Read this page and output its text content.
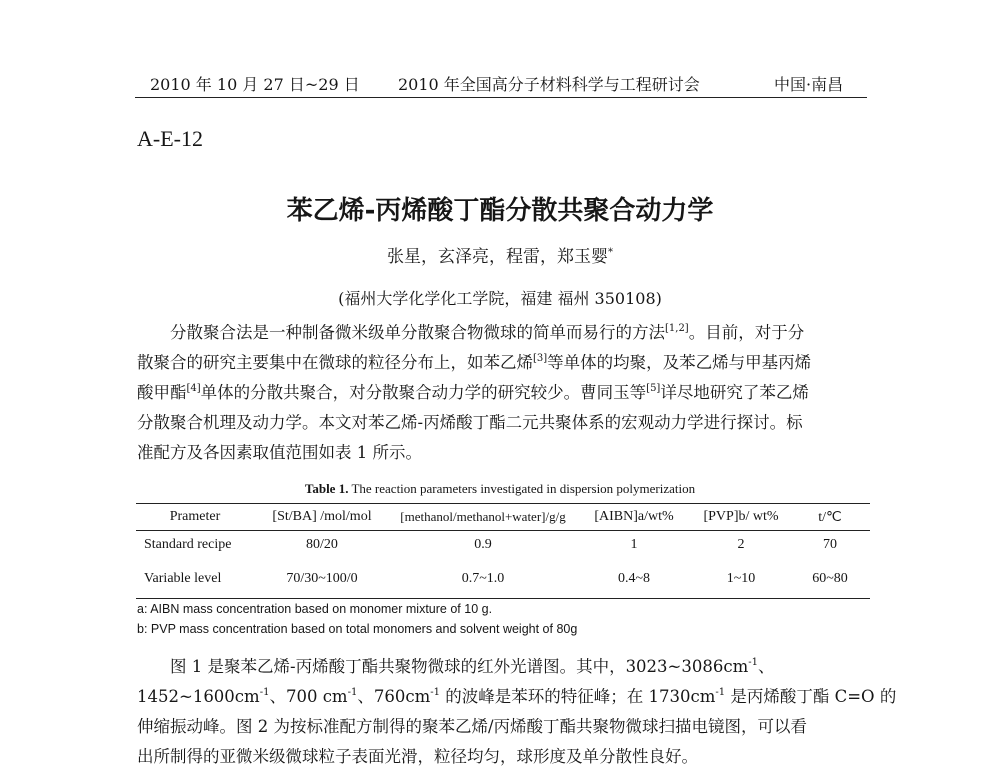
2010 年 10 月 27 日~29 日 2010 年全国高分子材料科学与工程研讨会	中国·南昌
A-E-12
苯乙烯-丙烯酸丁酯分散共聚合动力学
张星，玄泽亮，程雷，郑玉婴*
(福州大学化学化工学院，福建 福州 350108)
分散聚合法是一种制备微米级单分散聚合物微球的简单而易行的方法[1,2]。目前，对于分
散聚合的研究主要集中在微球的粒径分布上，如苯乙烯[3]等单体的均聚，及苯乙烯与甲基丙烯
酸甲酯[4]单体的分散共聚合，对分散聚合动力学的研究较少。曹同玉等[5]详尽地研究了苯乙烯
分散聚合机理及动力学。本文对苯乙烯-丙烯酸丁酯二元共聚体系的宏观动力学进行探讨。标
准配方及各因素取值范围如表 1 所示。
Table 1. The reaction parameters investigated in dispersion polymerization
Prameter	[St/BA] /mol/mol	[methanol/methanol+water]/g/g	[AIBN]a/wt%	[PVP]b/ wt%	t/℃
Standard recipe	80/20	0.9	1	2	70
Variable level	70/30~100/0	0.7~1.0	0.4~8	1~10	60~80
a: AIBN mass concentration based on monomer mixture of 10 g.
b: PVP mass concentration based on total monomers and solvent weight of 80g
图 1 是聚苯乙烯-丙烯酸丁酯共聚物微球的红外光谱图。其中，$3023\sim 3086cm^{-1}$、
$1452\sim 1600cm^{-1}$、700 $cm^{-1}$、$760cm^{-1}$ 的波峰是苯环的特征峰；在 $1730cm^{-1}$ 是丙烯酸丁酯 C=O 的
伸缩振动峰。图 2 为按标准配方制得的聚苯乙烯/丙烯酸丁酯共聚物微球扫描电镜图，可以看
出所制得的亚微米级微球粒子表面光滑，粒径均匀，球形度及单分散性良好。
